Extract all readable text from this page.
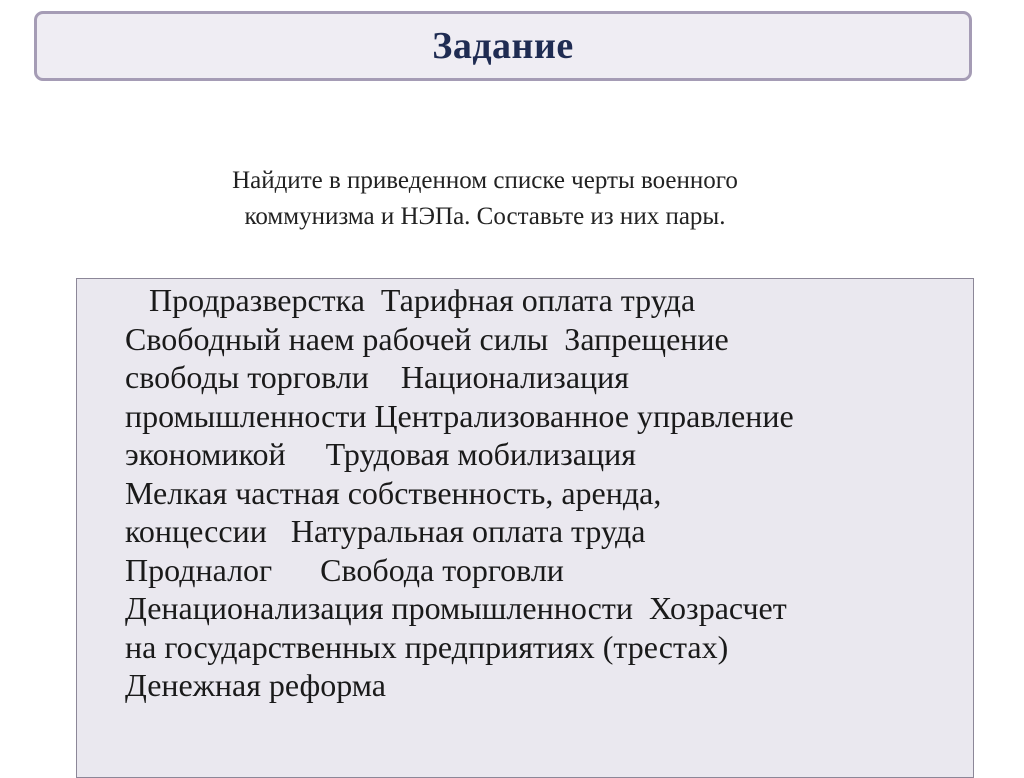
Задание

Найдите в приведенном списке черты военного
коммунизма и НЭПа. Составьте из них пары.

Продразверстка  Тарифная оплата труда
Свободный наем рабочей силы  Запрещение
свободы торговли    Национализация
промышленности Централизованное управление
экономикой     Трудовая мобилизация
Мелкая частная собственность, аренда,
концессии   Натуральная оплата труда
Продналог      Свобода торговли
Денационализация промышленности  Хозрасчет
на государственных предприятиях (трестах)
Денежная реформа
